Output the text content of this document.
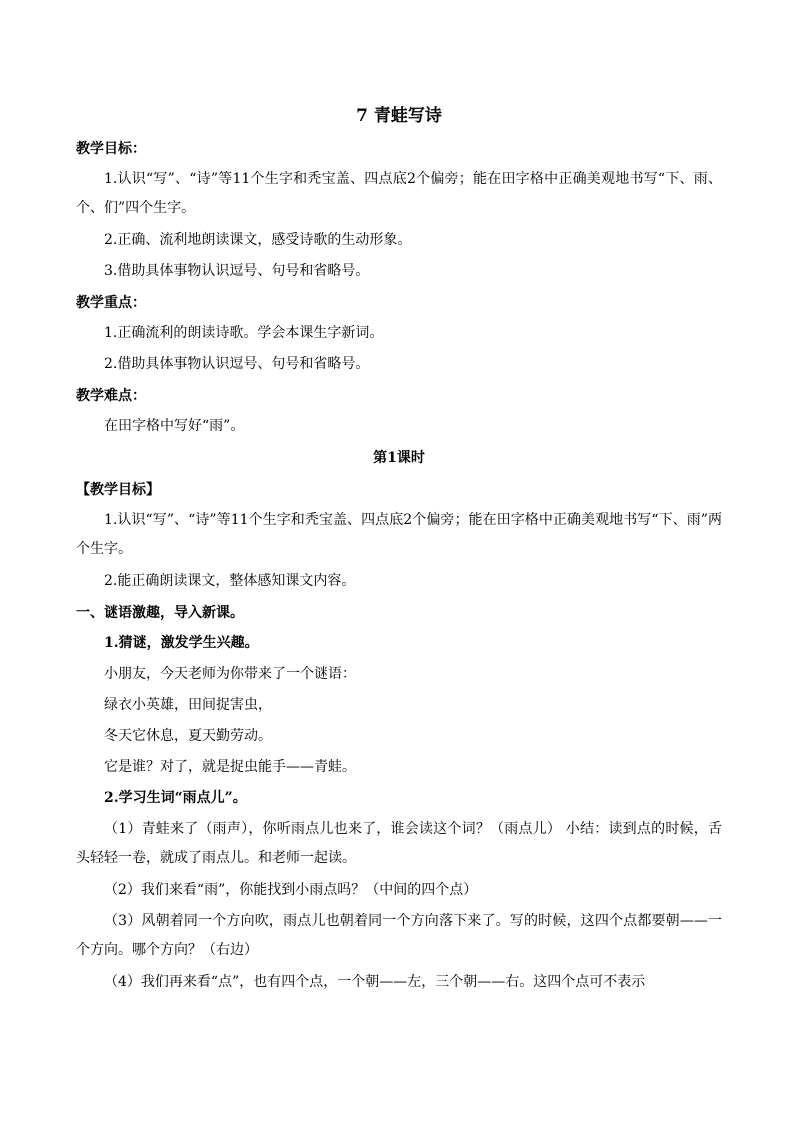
7 青蛙写诗
教学目标：

1.认识“写”、“诗”等11个生字和秃宝盖、四点底2个偏旁；能在田字格中正确美观地书写“下、雨、个、们”四个生字。

2.正确、流利地朗读课文，感受诗歌的生动形象。

3.借助具体事物认识逗号、句号和省略号。

教学重点：

1.正确流利的朗读诗歌。学会本课生字新词。

2.借助具体事物认识逗号、句号和省略号。

教学难点：

在田字格中写好“雨”。

第1课时
【教学目标】

1.认识“写”、“诗”等11个生字和秃宝盖、四点底2个偏旁；能在田字格中正确美观地书写“下、雨”两个生字。

2.能正确朗读课文，整体感知课文内容。

一、谜语激趣，导入新课。

1.猜谜，激发学生兴趣。

小朋友，今天老师为你带来了一个谜语：

绿衣小英雄，田间捉害虫，

冬天它休息，夏天勤劳动。

它是谁？对了，就是捉虫能手——青蛙。

2.学习生词“雨点儿”。

（1）青蛙来了（雨声），你听雨点儿也来了，谁会读这个词？（雨点儿） 小结：读到点的时候，舌头轻轻一卷，就成了雨点儿。和老师一起读。

（2）我们来看“雨”，你能找到小雨点吗？（中间的四个点）

（3）风朝着同一个方向吹，雨点儿也朝着同一个方向落下来了。写的时候，这四个点都要朝——一个方向。哪个方向？（右边）

（4）我们再来看“点”，也有四个点，一个朝——左，三个朝——右。这四个点可不表示
